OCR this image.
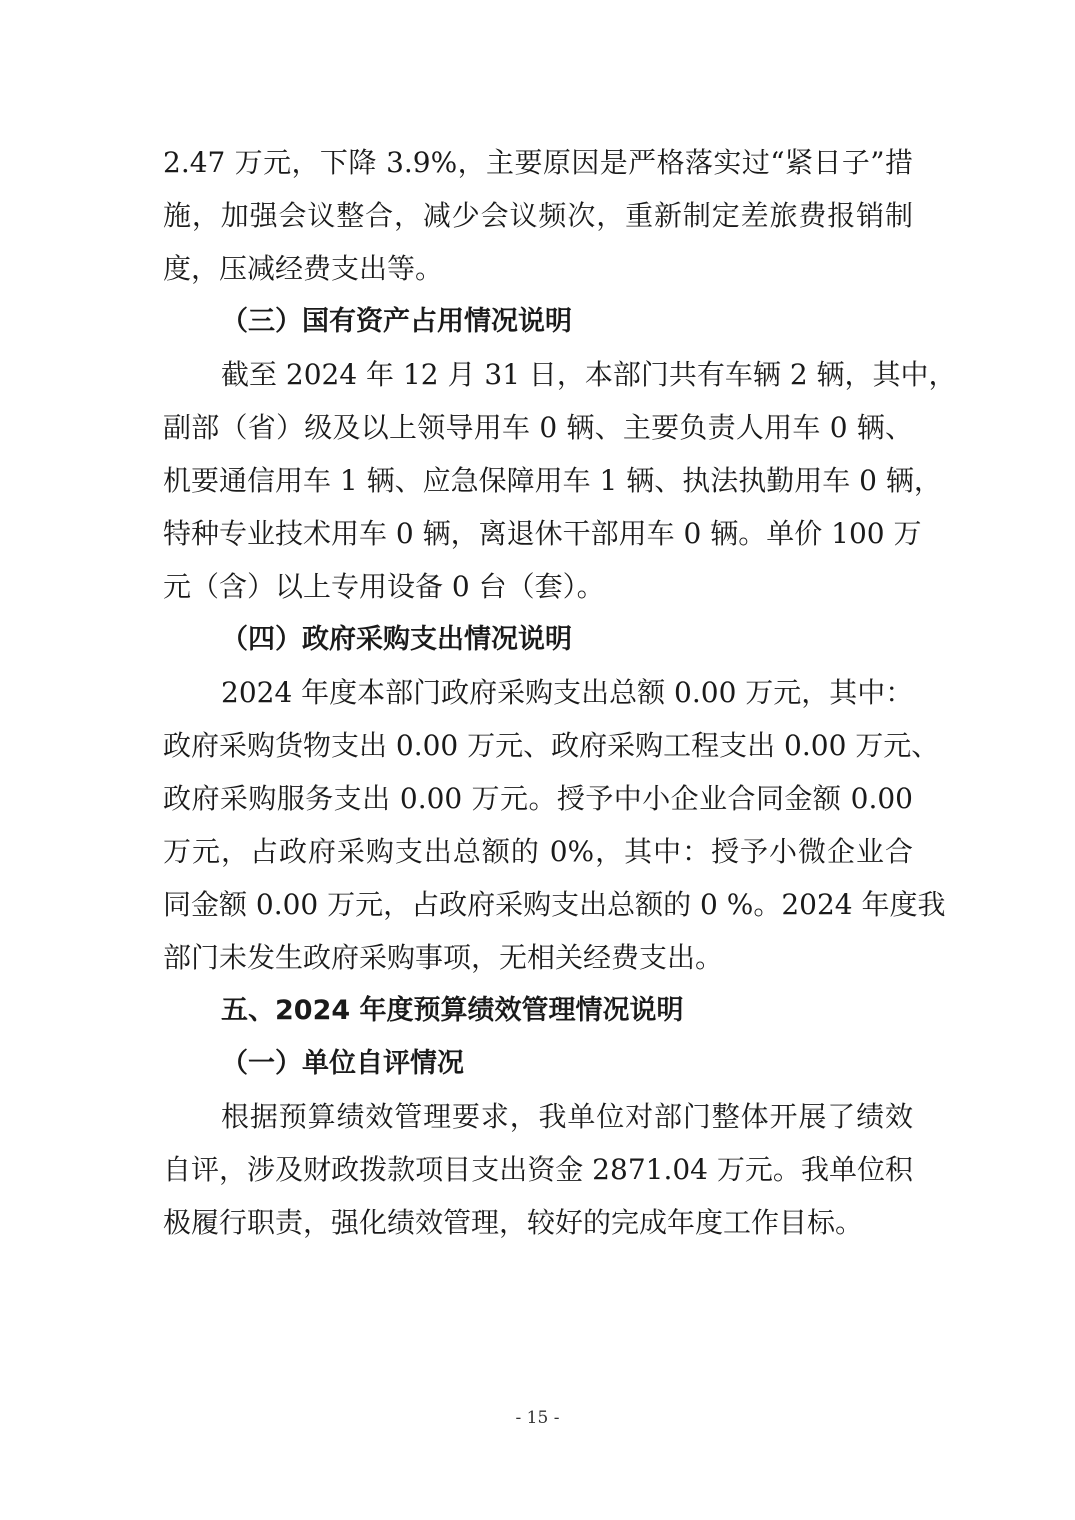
2.47 万元，下降 3.9%，主要原因是严格落实过“紧日子”措
施，加强会议整合，减少会议频次，重新制定差旅费报销制
度，压减经费支出等。
（三）国有资产占用情况说明
截至 2024 年 12 月 31 日，本部门共有车辆 2 辆，其中，
副部（省）级及以上领导用车 0 辆、主要负责人用车 0 辆、
机要通信用车 1 辆、应急保障用车 1 辆、执法执勤用车 0 辆，
特种专业技术用车 0 辆，离退休干部用车 0 辆。单价 100 万
元（含）以上专用设备 0 台（套）。
（四）政府采购支出情况说明
2024 年度本部门政府采购支出总额 0.00 万元，其中：
政府采购货物支出 0.00 万元、政府采购工程支出 0.00 万元、
政府采购服务支出 0.00 万元。授予中小企业合同金额 0.00
万元，占政府采购支出总额的 0%，其中：授予小微企业合
同金额 0.00 万元，占政府采购支出总额的 0 %。2024 年度我
部门未发生政府采购事项，无相关经费支出。
五、2024 年度预算绩效管理情况说明
（一）单位自评情况
根据预算绩效管理要求，我单位对部门整体开展了绩效
自评，涉及财政拨款项目支出资金 2871.04 万元。我单位积
极履行职责，强化绩效管理，较好的完成年度工作目标。
- 15 -
